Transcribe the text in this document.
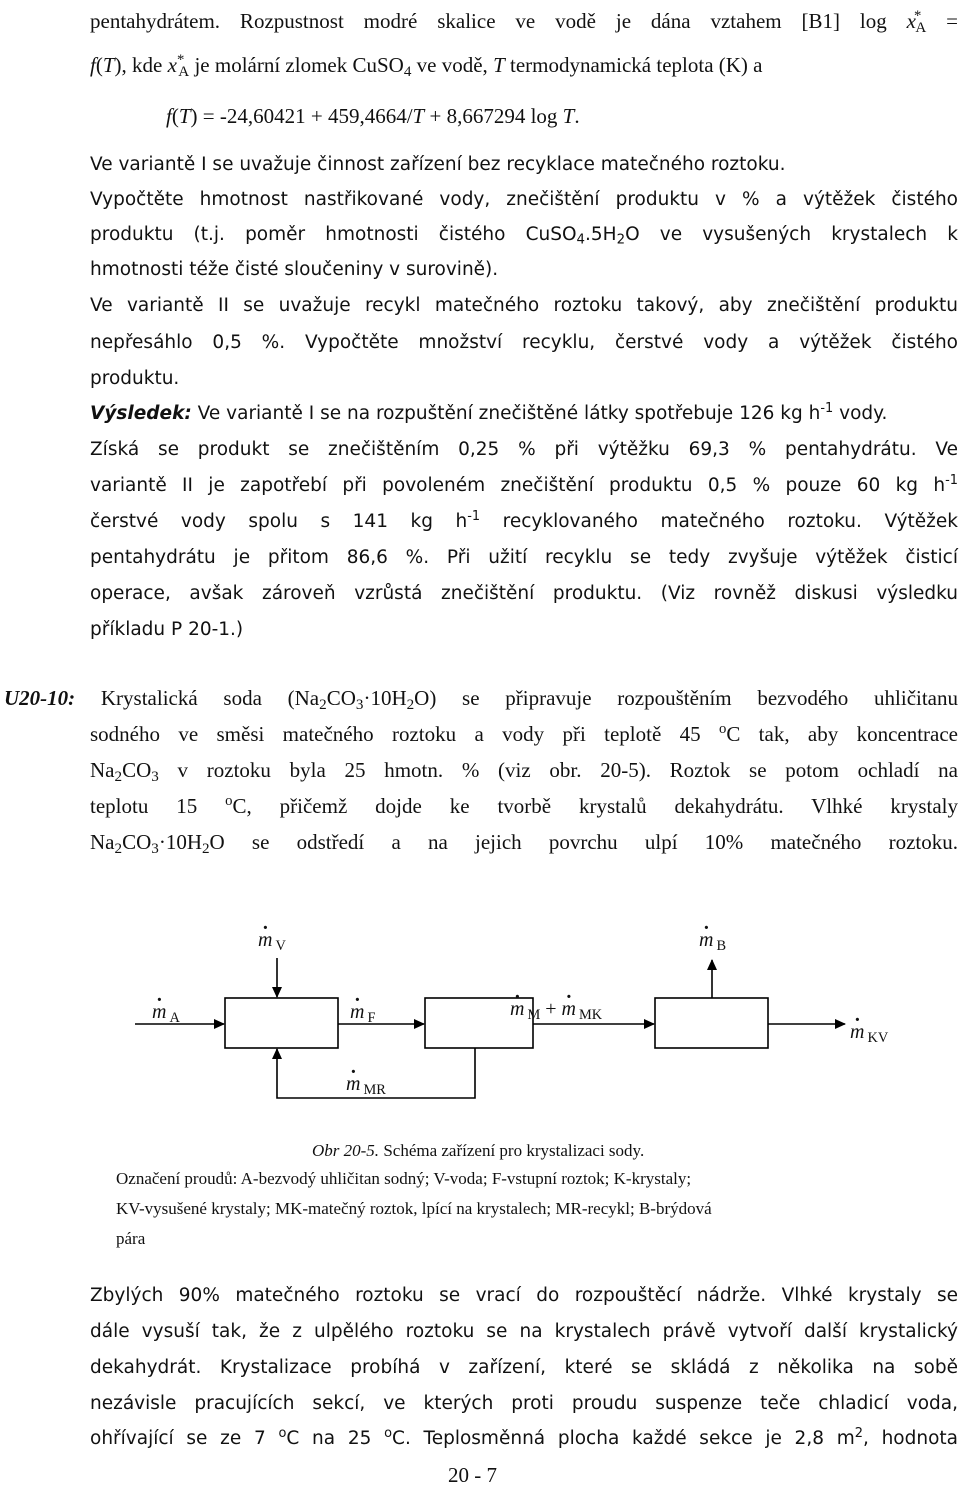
pentahydrátem. Rozpustnost modré skalice ve vodě je dána vztahem [B1] $\log x^*_A$ =
f(T), kde $x^*_A$ je molární zlomek CuSO$_4$ ve vodě, T termodynamická teplota (K) a
f(T) = -24,60421 + 459,4664/T + 8,667294 log T.
Ve variantě I se uvažuje činnost zařízení bez recyklace matečného roztoku.
Vypočtěte hmotnost nastřikované vody, znečištění produktu v % a výtěžek čistého
produktu (t.j. poměr hmotnosti čistého $CuSO_4.5H_2O$ ve vysušených krystalech k
hmotnosti téže čisté sloučeniny v surovině).
Ve variantě II se uvažuje recykl matečného roztoku takový, aby znečištění produktu
nepřesáhlo 0,5 %. Vypočtěte množství recyklu, čerstvé vody a výtěžek čistého
produktu.
Výsledek: Ve variantě I se na rozpuštění znečištěné látky spotřebuje 126 kg $h^{-1}$ vody.
Získá se produkt se znečištěním 0,25 % při výtěžku 69,3 % pentahydrátu. Ve
variantě II je zapotřebí při povoleném znečištění produktu 0,5 % pouze 60 kg $h^{-1}$
čerstvé vody spolu s 141 kg $h^{-1}$ recyklovaného matečného roztoku. Výtěžek
pentahydrátu je přitom 86,6 %. Při užití recyklu se tedy zvyšuje výtěžek čisticí
operace, avšak zároveň vzrůstá znečištění produktu. (Viz rovněž diskusi výsledku
příkladu P 20-1.)
U20-10: Krystalická soda $(Na_2CO_3\cdot 10H_2O)$ se připravuje rozpouštěním bezvodého uhličitanu
sodného ve směsi matečného roztoku a vody při teplotě 45 $^o$C tak, aby koncentrace
$Na_2CO_3$ v roztoku byla 25 hmotn. % (viz obr. 20-5). Roztok se potom ochladí na
teplotu 15 $^o$C, přičemž dojde ke tvorbě krystalů dekahydrátu. Vlhké krystaly
$Na_2CO_3\cdot 10H_2O$ se odstředí a na jejich povrchu ulpí 10% matečného roztoku.
· m $_V$	· m $_B$
· m $_A$	· m $_F$	· m $_M$ + · m $_{MK}$
· m $_{KV}$
· m $_{MR}$
Obr 20-5. Schéma zařízení pro krystalizaci sody.
Označení proudů: A-bezvodý uhličitan sodný; V-voda; F-vstupní roztok; K-krystaly;
KV-vysušené krystaly; MK-matečný roztok, lpící na krystalech; MR-recykl; B-brýdová
pára
Zbylých 90% matečného roztoku se vrací do rozpouštěcí nádrže. Vlhké krystaly se
dále vysuší tak, že z ulpělého roztoku se na krystalech právě vytvoří další krystalický
dekahydrát. Krystalizace probíhá v zařízení, které se skládá z několika na sobě
nezávisle pracujících sekcí, ve kterých proti proudu suspenze teče chladicí voda,
ohřívající se ze 7 $^o$C na 25 $^o$C. Teplosměnná plocha každé sekce je 2,8 $m^2$, hodnota
20 - 7
